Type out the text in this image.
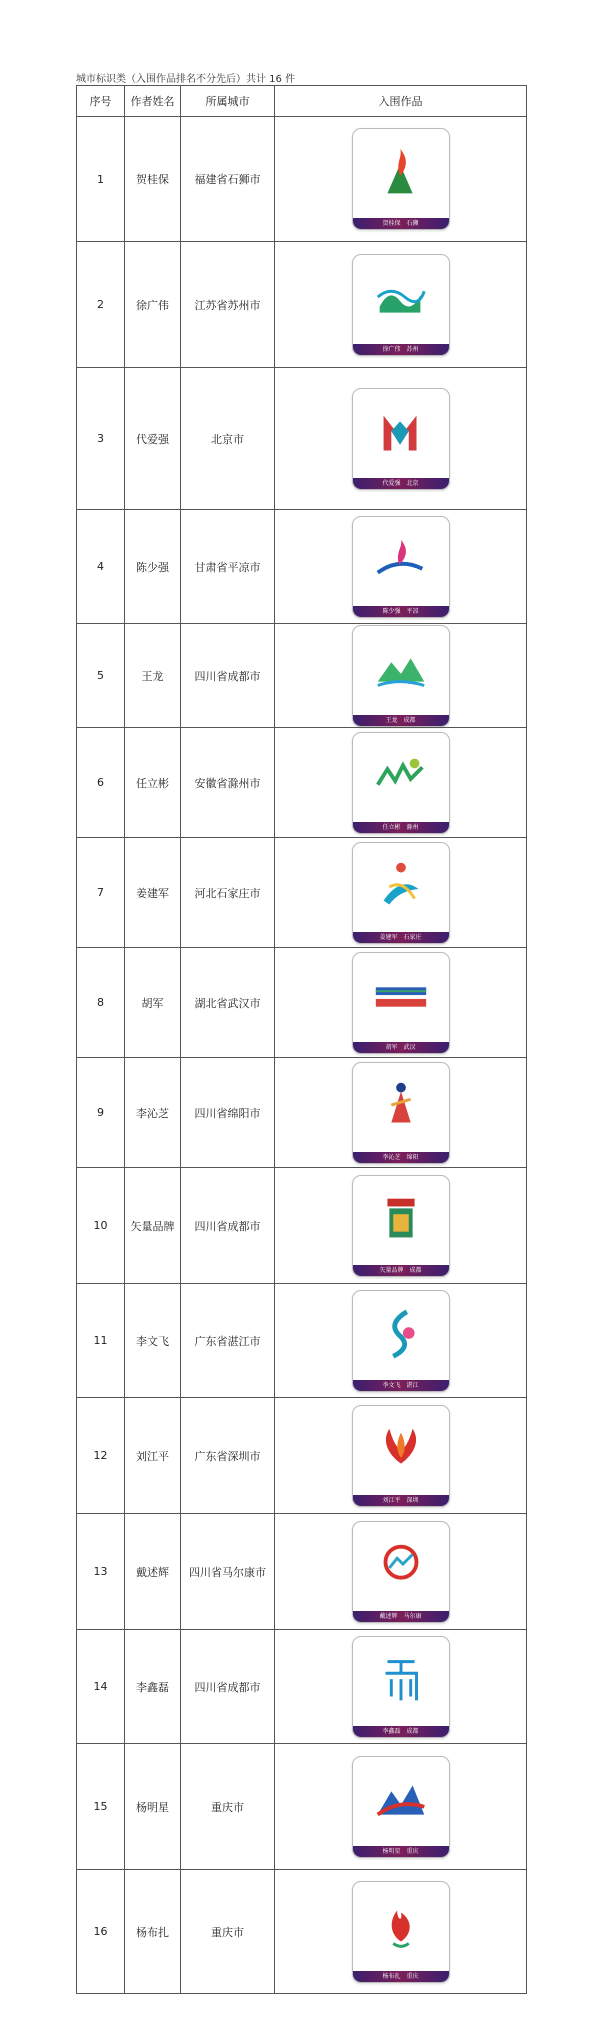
城市标识类（入围作品排名不分先后）共计 16 件
序号	作者姓名	所属城市	入围作品
1	贺桂保	福建省石狮市	贺桂保　石狮

2	徐广伟	江苏省苏州市	徐广伟　苏州

3	代爱强	北京市	代爱强　北京

4	陈少强	甘肃省平凉市	陈少强　平凉

5	王龙	四川省成都市	王龙　成都

6	任立彬	安徽省滁州市	任立彬　滁州

7	姜建军	河北石家庄市	姜建军　石家庄

8	胡军	湖北省武汉市	胡军　武汉

9	李沁芝	四川省绵阳市	李沁芝　绵阳

10	矢量品牌	四川省成都市	矢量品牌　成都

11	李文飞	广东省湛江市	李文飞　湛江

12	刘江平	广东省深圳市	刘江平　深圳

13	戴述辉	四川省马尔康市	戴述辉　马尔康

14	李鑫磊	四川省成都市	李鑫磊　成都

15	杨明星	重庆市	杨明星　重庆

16	杨布扎	重庆市	杨布扎　重庆
